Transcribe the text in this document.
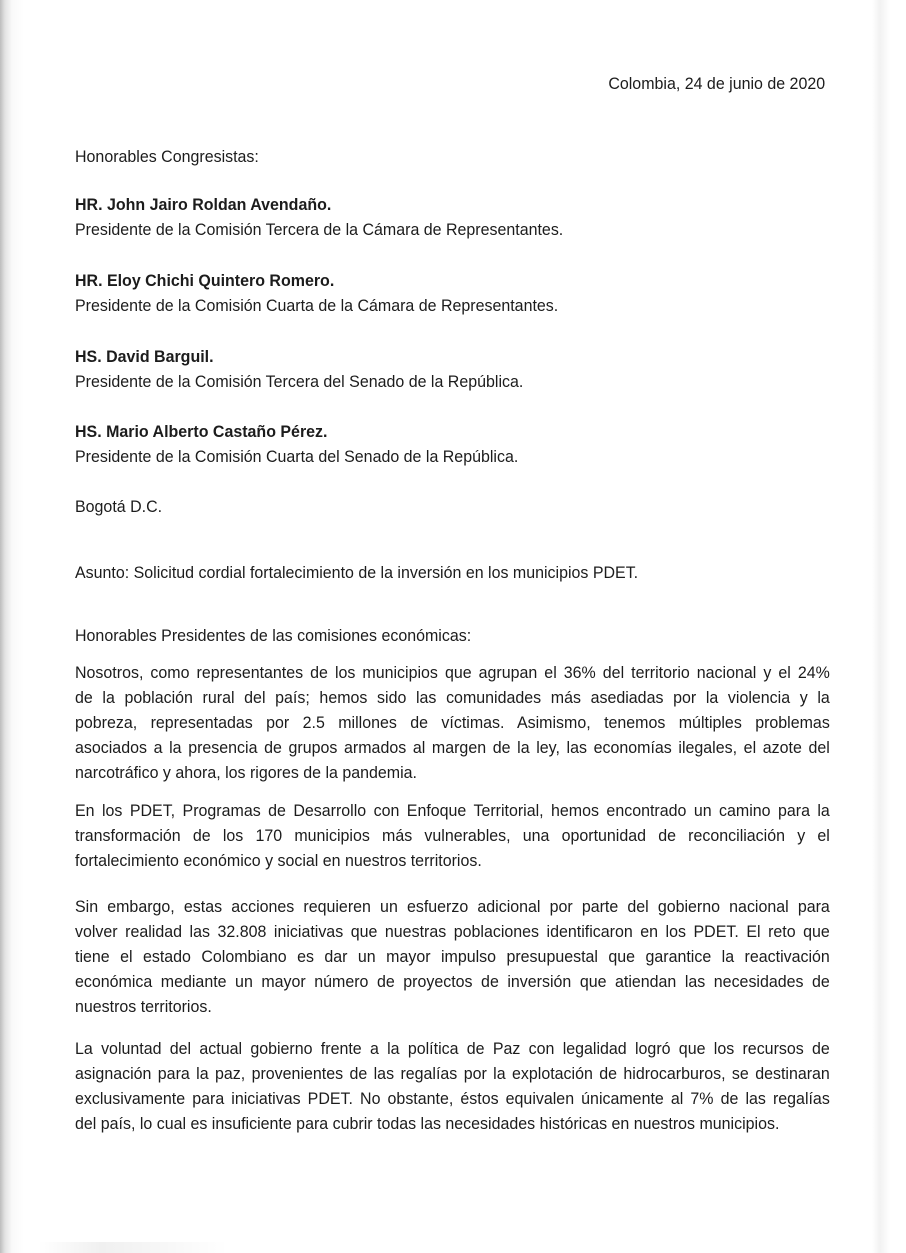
Colombia, 24 de junio de 2020
Honorables Congresistas:
HR. John Jairo Roldan Avendaño.
Presidente de la Comisión Tercera de la Cámara de Representantes.
HR. Eloy Chichi Quintero Romero.
Presidente de la Comisión Cuarta de la Cámara de Representantes.
HS. David Barguil.
Presidente de la Comisión Tercera del Senado de la República.
HS. Mario Alberto Castaño Pérez.
Presidente de la Comisión Cuarta del Senado de la República.
Bogotá D.C.
Asunto: Solicitud cordial fortalecimiento de la inversión en los municipios PDET.
Honorables Presidentes de las comisiones económicas:
Nosotros, como representantes de los municipios que agrupan el 36% del territorio nacional y el 24%
de la población rural del país; hemos sido las comunidades más asediadas por la violencia y la
pobreza, representadas por 2.5 millones de víctimas. Asimismo, tenemos múltiples problemas
asociados a la presencia de grupos armados al margen de la ley, las economías ilegales, el azote del
narcotráfico y ahora, los rigores de la pandemia.
En los PDET, Programas de Desarrollo con Enfoque Territorial, hemos encontrado un camino para la
transformación de los 170 municipios más vulnerables, una oportunidad de reconciliación y el
fortalecimiento económico y social en nuestros territorios.
Sin embargo, estas acciones requieren un esfuerzo adicional por parte del gobierno nacional para
volver realidad las 32.808 iniciativas que nuestras poblaciones identificaron en los PDET. El reto que
tiene el estado Colombiano es dar un mayor impulso presupuestal que garantice la reactivación
económica mediante un mayor número de proyectos de inversión que atiendan las necesidades de
nuestros territorios.
La voluntad del actual gobierno frente a la política de Paz con legalidad logró que los recursos de
asignación para la paz, provenientes de las regalías por la explotación de hidrocarburos, se destinaran
exclusivamente para iniciativas PDET. No obstante, éstos equivalen únicamente al 7% de las regalías
del país, lo cual es insuficiente para cubrir todas las necesidades históricas en nuestros municipios.
